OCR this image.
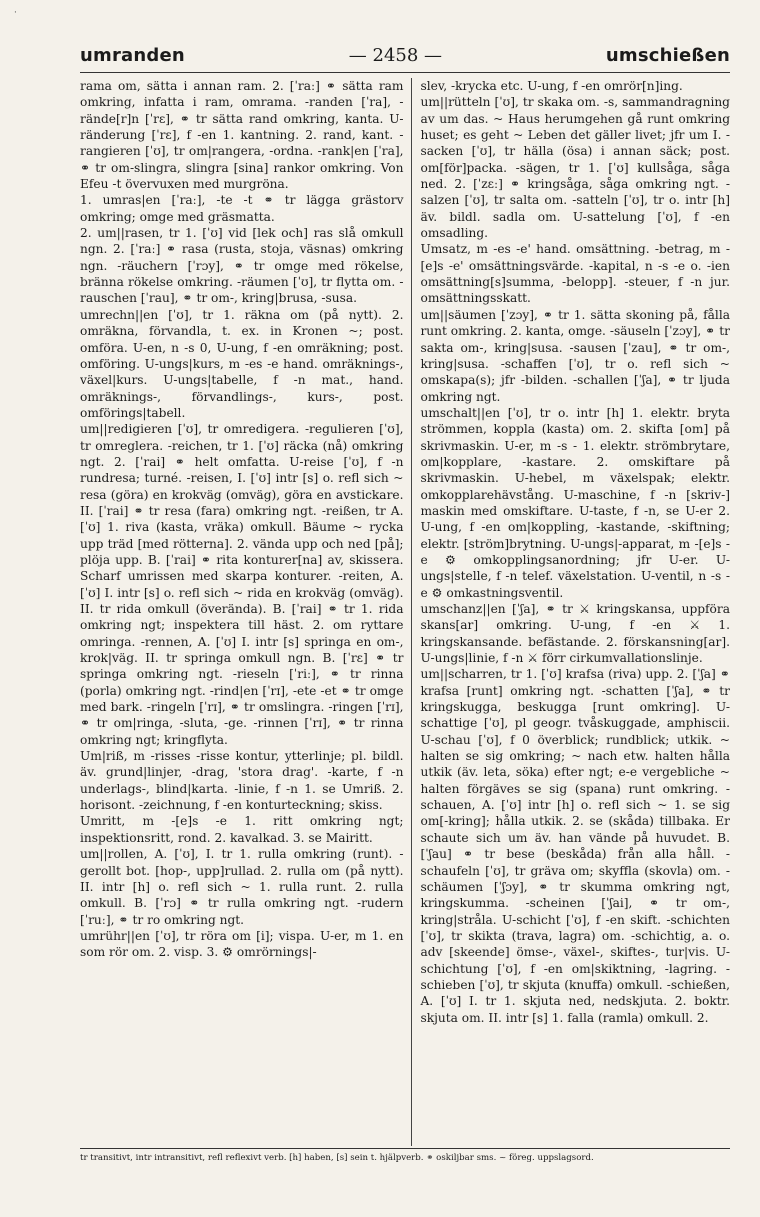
·
umranden	— 2458 —	umschießen

rama om, sätta i annan ram. 2. [ˈraː] ⚭ sätta ram omkring, infatta i ram, omrama. -randen [ˈra], -rände[r]n [ˈrɛ], ⚭ tr sätta rand omkring, kanta. U-ränderung [ˈrɛ], f -en 1. kantning. 2. rand, kant. -rangieren [ˈʊ], tr om|rangera, -ordna. -rank|en [ˈra], ⚭ tr om-slingra, slingra [sina] rankor omkring. Von Efeu -t övervuxen med murgröna.

1. umras|en [ˈraː], -te -t ⚭ tr lägga grästorv omkring; omge med gräsmatta.

2. um||rasen, tr 1. [ˈʊ] vid [lek och] ras slå omkull ngn. 2. [ˈraː] ⚭ rasa (rusta, stoja, väsnas) omkring ngn. -räuchern [ˈrɔy], ⚭ tr omge med rökelse, bränna rökelse omkring. -räumen [ˈʊ], tr flytta om. -rauschen [ˈrau], ⚭ tr om-, kring|brusa, -susa.

umrechn||en [ˈʊ], tr 1. räkna om (på nytt). 2. omräkna, förvandla, t. ex. in Kronen ~; post. omföra. U-en, n -s 0, U-ung, f -en omräkning; post. omföring. U-ungs|kurs, m -es -e hand. omräknings-, växel|kurs. U-ungs|tabelle, f -n mat., hand. omräknings-, förvandlings-, kurs-, post. omförings|tabell.

um||redigieren [ˈʊ], tr omredigera. -regulieren [ˈʊ], tr omreglera. -reichen, tr 1. [ˈʊ] räcka (nå) omkring ngt. 2. [ˈrai] ⚭ helt omfatta. U-reise [ˈʊ], f -n rundresa; turné. -reisen, I. [ˈʊ] intr [s] o. refl sich ~ resa (göra) en krokväg (omväg), göra en avstickare. II. [ˈrai] ⚭ tr resa (fara) omkring ngt. -reißen, tr A. [ˈʊ] 1. riva (kasta, vräka) omkull. Bäume ~ rycka upp träd [med rötterna]. 2. vända upp och ned [på]; plöja upp. B. [ˈrai] ⚭ rita konturer[na] av, skissera. Scharf umrissen med skarpa konturer. -reiten, A. [ˈʊ] I. intr [s] o. refl sich ~ rida en krokväg (omväg). II. tr rida omkull (överända). B. [ˈrai] ⚭ tr 1. rida omkring ngt; inspektera till häst. 2. om ryttare omringa. -rennen, A. [ˈʊ] I. intr [s] springa en om-, krok|väg. II. tr springa omkull ngn. B. [ˈrɛ] ⚭ tr springa omkring ngt. -rieseln [ˈriː], ⚭ tr rinna (porla) omkring ngt. -rind|en [ˈrɪ], -ete -et ⚭ tr omge med bark. -ringeln [ˈrɪ], ⚭ tr omslingra. -ringen [ˈrɪ], ⚭ tr om|ringa, -sluta, -ge. -rinnen [ˈrɪ], ⚭ tr rinna omkring ngt; kringflyta.

Um|riß, m -risses -risse kontur, ytterlinje; pl. bildl. äv. grund|linjer, -drag, 'stora drag'. -karte, f -n underlags-, blind|karta. -linie, f -n 1. se Umriß. 2. horisont. -zeichnung, f -en konturteckning; skiss.

Umritt, m -[e]s -e 1. ritt omkring ngt; inspektionsritt, rond. 2. kavalkad. 3. se Mairitt.

um||rollen, A. [ˈʊ], I. tr 1. rulla omkring (runt). -gerollt bot. [hop-, upp]rullad. 2. rulla om (på nytt). II. intr [h] o. refl sich ~ 1. rulla runt. 2. rulla omkull. B. [ˈrɔ] ⚭ tr rulla omkring ngt. -rudern [ˈruː], ⚭ tr ro omkring ngt.

umrühr||en [ˈʊ], tr röra om [i]; vispa. U-er, m 1. en som rör om. 2. visp. 3. ⚙ omrörnings|-

slev, -krycka etc. U-ung, f -en omrör[n]ing.

um||rütteln [ˈʊ], tr skaka om. -s, sammandragning av um das. ~ Haus herumgehen gå runt omkring huset; es geht ~ Leben det gäller livet; jfr um I. -sacken [ˈʊ], tr hälla (ösa) i annan säck; post. om[för]packa. -sägen, tr 1. [ˈʊ] kullsåga, såga ned. 2. [ˈzɛː] ⚭ kringsåga, såga omkring ngt. -salzen [ˈʊ], tr salta om. -satteln [ˈʊ], tr o. intr [h] äv. bildl. sadla om. U-sattelung [ˈʊ], f -en omsadling.

Umsatz, m -es -e' hand. omsättning. -betrag, m -[e]s -e' omsättningsvärde. -kapital, n -s -e o. -ien omsättning[s]summa, -belopp]. -steuer, f -n jur. omsättningsskatt.

um||säumen [ˈzɔy], ⚭ tr 1. sätta skoning på, fålla runt omkring. 2. kanta, omge. -säuseln [ˈzɔy], ⚭ tr sakta om-, kring|susa. -sausen [ˈzau], ⚭ tr om-, kring|susa. -schaffen [ˈʊ], tr o. refl sich ~ omskapa(s); jfr -bilden. -schallen [ˈʃa], ⚭ tr ljuda omkring ngt.

umschalt||en [ˈʊ], tr o. intr [h] 1. elektr. bryta strömmen, koppla (kasta) om. 2. skifta [om] på skrivmaskin. U-er, m -s - 1. elektr. strömbrytare, om|kopplare, -kastare. 2. omskiftare på skrivmaskin. U-hebel, m växelspak; elektr. omkopplarehävstång. U-maschine, f -n [skriv-] maskin med omskiftare. U-taste, f -n, se U-er 2. U-ung, f -en om|koppling, -kastande, -skiftning; elektr. [ström]brytning. U-ungs|-apparat, m -[e]s -e ⚙ omkopplingsanordning; jfr U-er. U-ungs|stelle, f -n telef. växelstation. U-ventil, n -s -e ⚙ omkastningsventil.

umschanz||en [ˈʃa], ⚭ tr ⚔ kringskansa, uppföra skans[ar] omkring. U-ung, f -en ⚔ 1. kringskansande. befästande. 2. förskansning[ar]. U-ungs|linie, f -n ⚔ förr cirkumvallationslinje.

um||scharren, tr 1. [ˈʊ] krafsa (riva) upp. 2. [ˈʃa] ⚭ krafsa [runt] omkring ngt. -schatten [ˈʃa], ⚭ tr kringskugga, beskugga [runt omkring]. U-schattige [ˈʊ], pl geogr. tvåskuggade, amphiscii. U-schau [ˈʊ], f 0 överblick; rundblick; utkik. ~ halten se sig omkring; ~ nach etw. halten hålla utkik (äv. leta, söka) efter ngt; e-e vergebliche ~ halten förgäves se sig (spana) runt omkring. -schauen, A. [ˈʊ] intr [h] o. refl sich ~ 1. se sig om[-kring]; hålla utkik. 2. se (skåda) tillbaka. Er schaute sich um äv. han vände på huvudet. B. [ˈʃau] ⚭ tr bese (beskåda) från alla håll. -schaufeln [ˈʊ], tr gräva om; skyffla (skovla) om. -schäumen [ˈʃɔy], ⚭ tr skumma omkring ngt, kringskumma. -scheinen [ˈʃai], ⚭ tr om-, kring|stråla. U-schicht [ˈʊ], f -en skift. -schichten [ˈʊ], tr skikta (trava, lagra) om. -schichtig, a. o. adv [skeende] ömse-, växel-, skiftes-, tur|vis. U-schichtung [ˈʊ], f -en om|skiktning, -lagring. -schieben [ˈʊ], tr skjuta (knuffa) omkull. -schießen, A. [ˈʊ] I. tr 1. skjuta ned, nedskjuta. 2. boktr. skjuta om. II. intr [s] 1. falla (ramla) omkull. 2.

tr transitivt, intr intransitivt, refl reflexivt verb. [h] haben, [s] sein t. hjälpverb. ⚭ oskiljbar sms. ~ föreg. uppslagsord.
